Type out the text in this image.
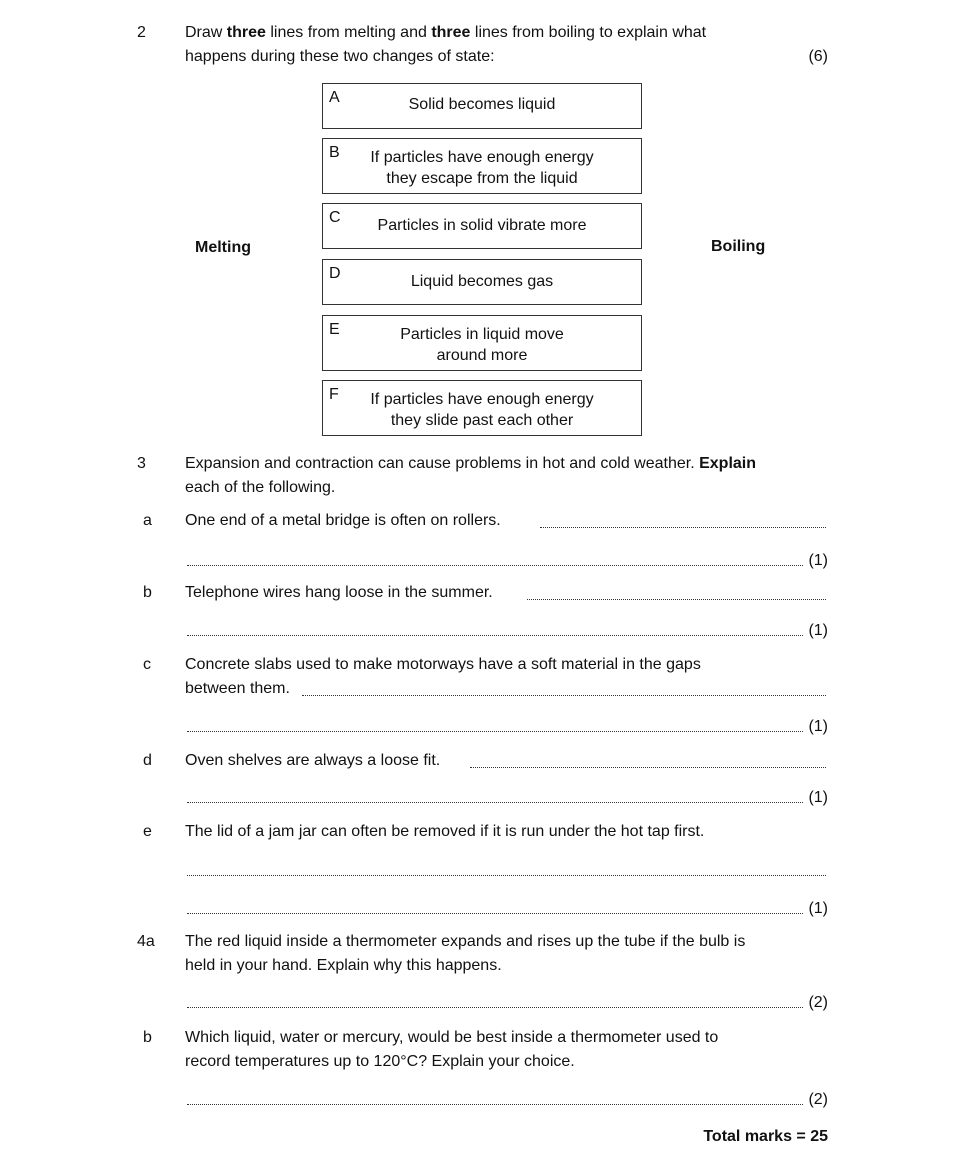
2 Draw three lines from melting and three lines from boiling to explain what
happens during these two changes of state:	(6)
Melting	Boiling
A	Solid becomes liquid
B	If particles have enough energy
they escape from the liquid
C	Particles in solid vibrate more
D	Liquid becomes gas
E	Particles in liquid move
around more
F	If particles have enough energy
they slide past each other
3 Expansion and contraction can cause problems in hot and cold weather. Explain
each of the following.
a One end of a metal bridge is often on rollers.
(1)
b Telephone wires hang loose in the summer.
(1)
c Concrete slabs used to make motorways have a soft material in the gaps
between them.
(1)
d Oven shelves are always a loose fit.
(1)
e The lid of a jam jar can often be removed if it is run under the hot tap first.
(1)
4a The red liquid inside a thermometer expands and rises up the tube if the bulb is
held in your hand. Explain why this happens.
(2)
b Which liquid, water or mercury, would be best inside a thermometer used to
record temperatures up to 120°C? Explain your choice.
(2)
Total marks = 25
